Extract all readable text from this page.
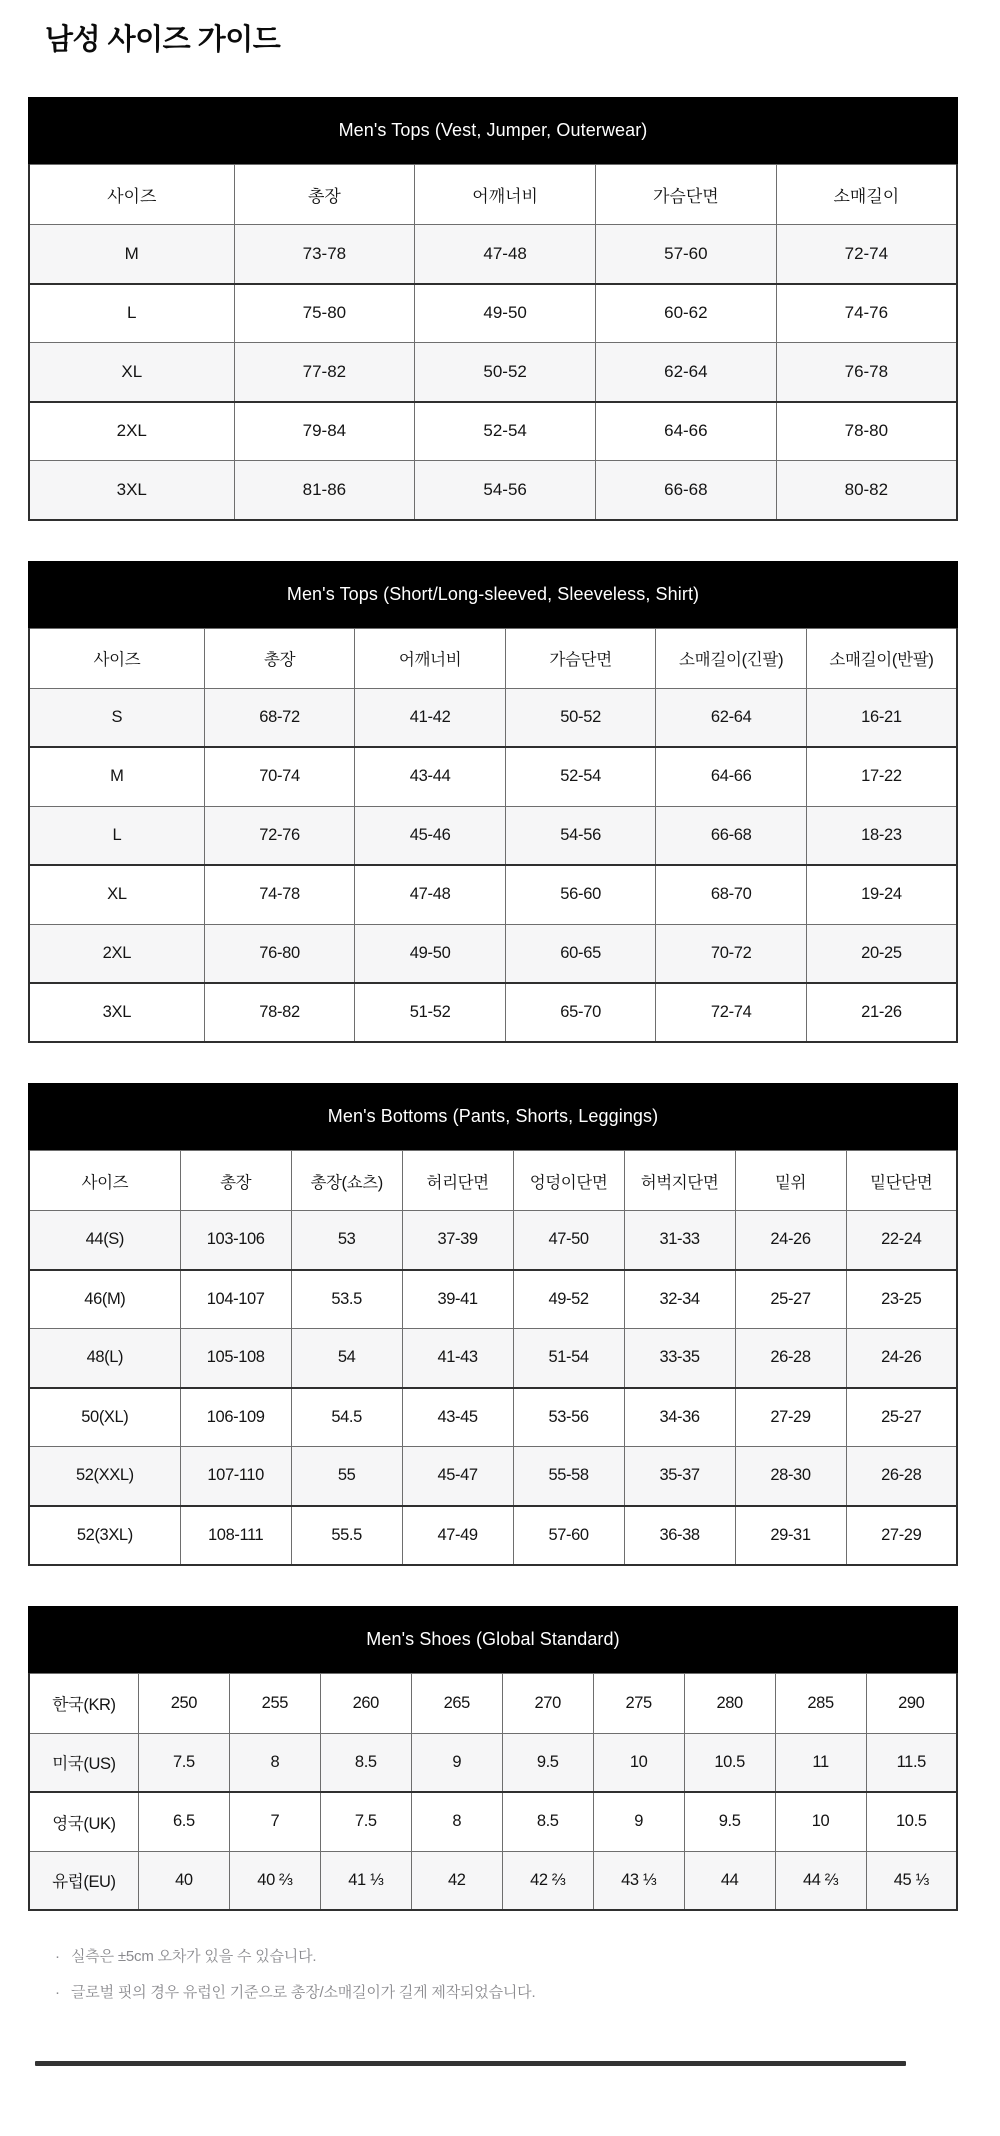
남성 사이즈 가이드
Men's Tops (Vest, Jumper, Outerwear)
사이즈	총장	어깨너비	가슴단면	소매길이
M	73-78	47-48	57-60	72-74
L	75-80	49-50	60-62	74-76
XL	77-82	50-52	62-64	76-78
2XL	79-84	52-54	64-66	78-80
3XL	81-86	54-56	66-68	80-82
Men's Tops (Short/Long-sleeved, Sleeveless, Shirt)
사이즈	총장	어깨너비	가슴단면	소매길이(긴팔)	소매길이(반팔)
S	68-72	41-42	50-52	62-64	16-21
M	70-74	43-44	52-54	64-66	17-22
L	72-76	45-46	54-56	66-68	18-23
XL	74-78	47-48	56-60	68-70	19-24
2XL	76-80	49-50	60-65	70-72	20-25
3XL	78-82	51-52	65-70	72-74	21-26
Men's Bottoms (Pants, Shorts, Leggings)
사이즈	총장	총장(쇼츠)	허리단면	엉덩이단면	허벅지단면	밑위	밑단단면
44(S)	103-106	53	37-39	47-50	31-33	24-26	22-24
46(M)	104-107	53.5	39-41	49-52	32-34	25-27	23-25
48(L)	105-108	54	41-43	51-54	33-35	26-28	24-26
50(XL)	106-109	54.5	43-45	53-56	34-36	27-29	25-27
52(XXL)	107-110	55	45-47	55-58	35-37	28-30	26-28
52(3XL)	108-111	55.5	47-49	57-60	36-38	29-31	27-29
Men's Shoes (Global Standard)
한국(KR)	250	255	260	265	270	275	280	285	290
미국(US)	7.5	8	8.5	9	9.5	10	10.5	11	11.5
영국(UK)	6.5	7	7.5	8	8.5	9	9.5	10	10.5
유럽(EU)	40	40 ⅔	41 ⅓	42	42 ⅔	43 ⅓	44	44 ⅔	45 ⅓
· 실측은 ±5cm 오차가 있을 수 있습니다.
· 글로벌 핏의 경우 유럽인 기준으로 총장/소매길이가 길게 제작되었습니다.
